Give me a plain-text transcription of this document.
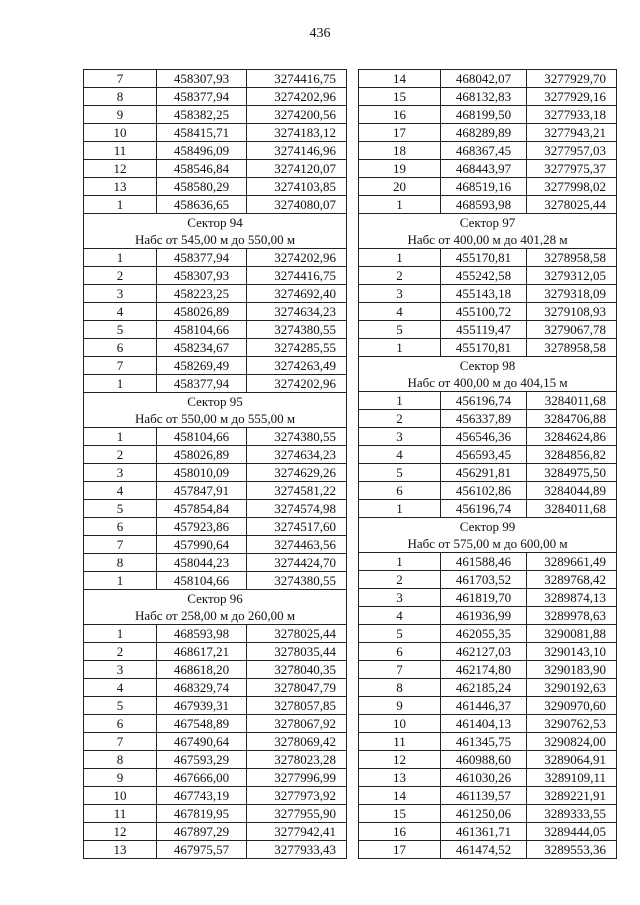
436
7	458307,93	3274416,75
8	458377,94	3274202,96
9	458382,25	3274200,56
10	458415,71	3274183,12
11	458496,09	3274146,96
12	458546,84	3274120,07
13	458580,29	3274103,85
1	458636,65	3274080,07

Сектор 94
Набс от 545,00 м до 550,00 м		

1	458377,94	3274202,96
2	458307,93	3274416,75
3	458223,25	3274692,40
4	458026,89	3274634,23
5	458104,66	3274380,55
6	458234,67	3274285,55
7	458269,49	3274263,49
1	458377,94	3274202,96

Сектор 95
Набс от 550,00 м до 555,00 м		

1	458104,66	3274380,55
2	458026,89	3274634,23
3	458010,09	3274629,26
4	457847,91	3274581,22
5	457854,84	3274574,98
6	457923,86	3274517,60
7	457990,64	3274463,56
8	458044,23	3274424,70
1	458104,66	3274380,55

Сектор 96
Набс от 258,00 м до 260,00 м		

1	468593,98	3278025,44
2	468617,21	3278035,44
3	468618,20	3278040,35
4	468329,74	3278047,79
5	467939,31	3278057,85
6	467548,89	3278067,92
7	467490,64	3278069,42
8	467593,29	3278023,28
9	467666,00	3277996,99
10	467743,19	3277973,92
11	467819,95	3277955,90
12	467897,29	3277942,41
13	467975,57	3277933,43
14	468042,07	3277929,70
15	468132,83	3277929,16
16	468199,50	3277933,18
17	468289,89	3277943,21
18	468367,45	3277957,03
19	468443,97	3277975,37
20	468519,16	3277998,02
1	468593,98	3278025,44

Сектор 97
Набс от 400,00 м до 401,28 м		

1	455170,81	3278958,58
2	455242,58	3279312,05
3	455143,18	3279318,09
4	455100,72	3279108,93
5	455119,47	3279067,78
1	455170,81	3278958,58

Сектор 98
Набс от 400,00 м до 404,15 м		

1	456196,74	3284011,68
2	456337,89	3284706,88
3	456546,36	3284624,86
4	456593,45	3284856,82
5	456291,81	3284975,50
6	456102,86	3284044,89
1	456196,74	3284011,68

Сектор 99
Набс от 575,00 м до 600,00 м		

1	461588,46	3289661,49
2	461703,52	3289768,42
3	461819,70	3289874,13
4	461936,99	3289978,63
5	462055,35	3290081,88
6	462127,03	3290143,10
7	462174,80	3290183,90
8	462185,24	3290192,63
9	461446,37	3290970,60
10	461404,13	3290762,53
11	461345,75	3290824,00
12	460988,60	3289064,91
13	461030,26	3289109,11
14	461139,57	3289221,91
15	461250,06	3289333,55
16	461361,71	3289444,05
17	461474,52	3289553,36
